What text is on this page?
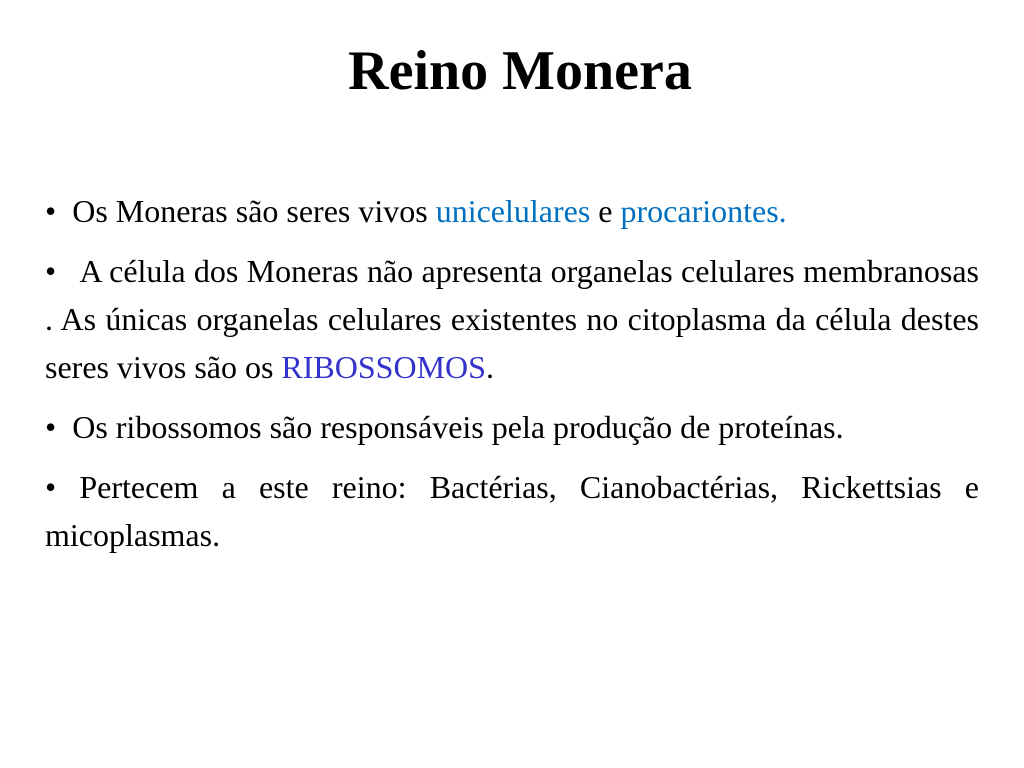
Reino Monera

• Os Moneras são seres vivos unicelulares e procariontes.

• A célula dos Moneras não apresenta organelas celulares membranosas . As únicas organelas celulares existentes no citoplasma da célula destes seres vivos são os RIBOSSOMOS.

• Os ribossomos são responsáveis pela produção de proteínas.

• Pertecem a este reino: Bactérias, Cianobactérias, Rickettsias e micoplasmas.
